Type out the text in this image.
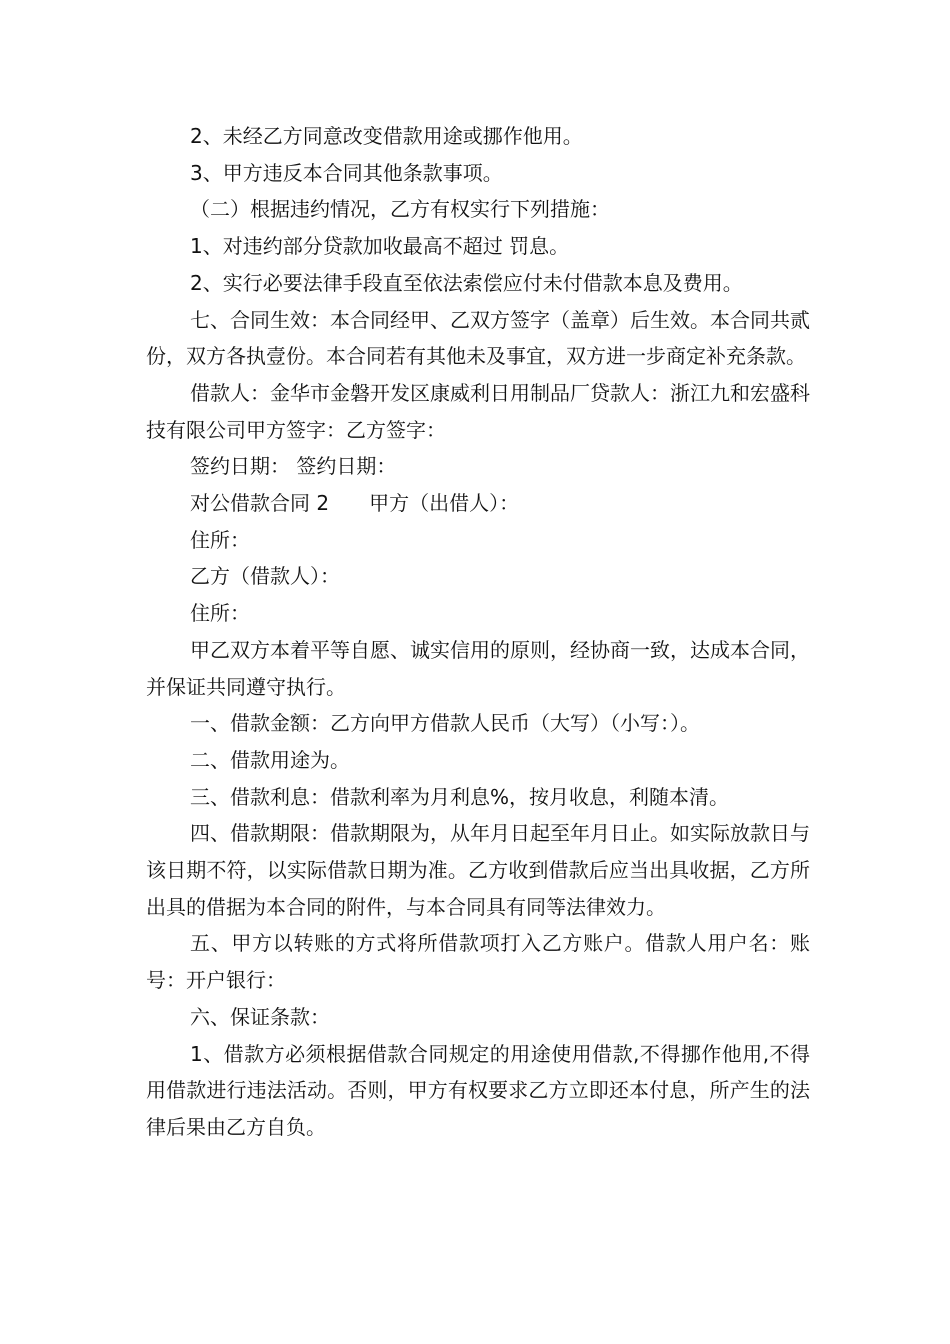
2、未经乙方同意改变借款用途或挪作他用。

3、甲方违反本合同其他条款事项。

（二）根据违约情况，乙方有权实行下列措施：

1、对违约部分贷款加收最高不超过 罚息。

2、实行必要法律手段直至依法索偿应付未付借款本息及费用。

七、合同生效：本合同经甲、乙双方签字（盖章）后生效。本合同共贰份，双方各执壹份。本合同若有其他未及事宜，双方进一步商定补充条款。

借款人：金华市金磐开发区康威利日用制品厂贷款人：浙江九和宏盛科技有限公司甲方签字：乙方签字：

签约日期： 签约日期：

对公借款合同 2 甲方（出借人）：

住所：

乙方（借款人）：

住所：

甲乙双方本着平等自愿、诚实信用的原则，经协商一致，达成本合同，并保证共同遵守执行。

一、借款金额：乙方向甲方借款人民币（大写）（小写：）。

二、借款用途为。

三、借款利息：借款利率为月利息%，按月收息，利随本清。

四、借款期限：借款期限为，从年月日起至年月日止。如实际放款日与该日期不符，以实际借款日期为准。乙方收到借款后应当出具收据，乙方所出具的借据为本合同的附件，与本合同具有同等法律效力。

五、甲方以转账的方式将所借款项打入乙方账户。借款人用户名：账号：开户银行：

六、保证条款：

1、借款方必须根据借款合同规定的用途使用借款,不得挪作他用,不得用借款进行违法活动。否则，甲方有权要求乙方立即还本付息，所产生的法律后果由乙方自负。
